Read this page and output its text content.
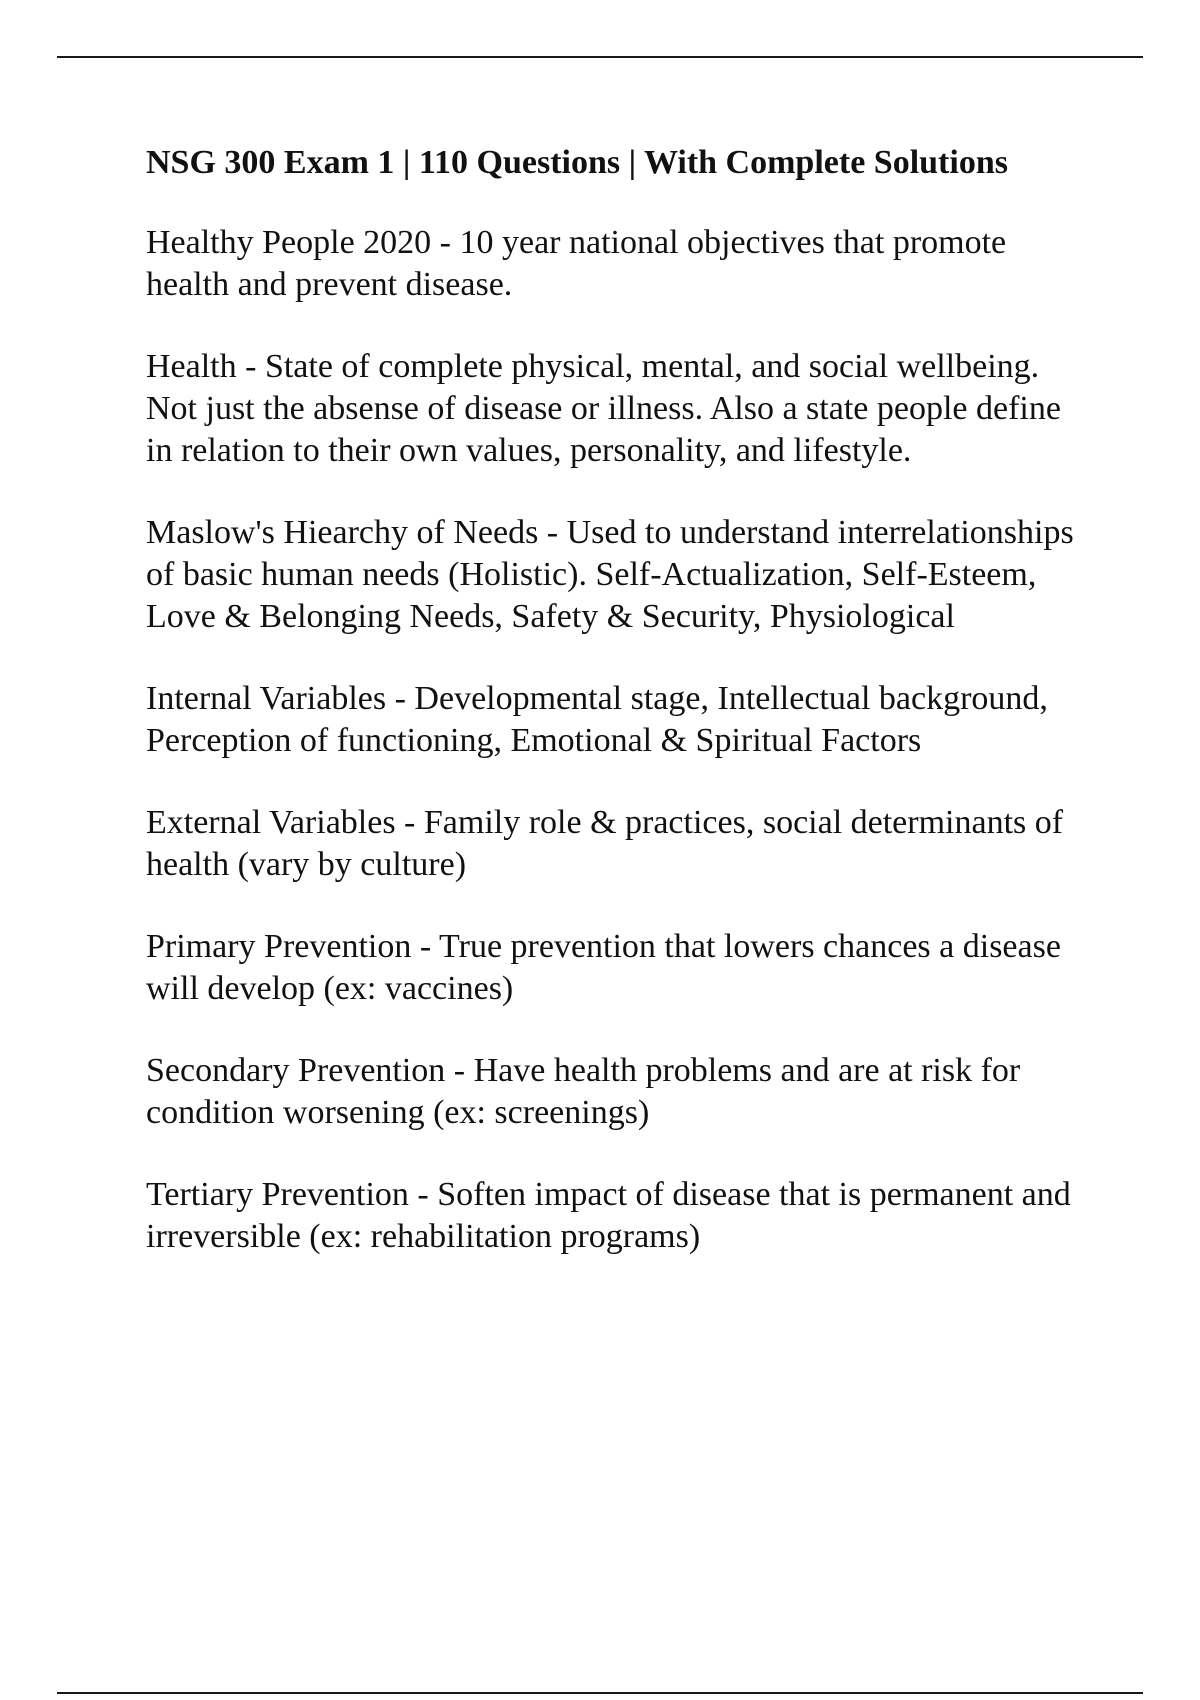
NSG 300 Exam 1 | 110 Questions | With Complete Solutions

Healthy People 2020 - 10 year national objectives that promote health and prevent disease.

Health - State of complete physical, mental, and social wellbeing. Not just the absense of disease or illness. Also a state people define in relation to their own values, personality, and lifestyle.

Maslow's Hiearchy of Needs - Used to understand interrelationships of basic human needs (Holistic). Self-Actualization, Self-Esteem, Love & Belonging Needs, Safety & Security, Physiological

Internal Variables - Developmental stage, Intellectual background, Perception of functioning, Emotional & Spiritual Factors

External Variables - Family role & practices, social determinants of health (vary by culture)

Primary Prevention - True prevention that lowers chances a disease will develop (ex: vaccines)

Secondary Prevention - Have health problems and are at risk for condition worsening (ex: screenings)

Tertiary Prevention - Soften impact of disease that is permanent and irreversible (ex: rehabilitation programs)
